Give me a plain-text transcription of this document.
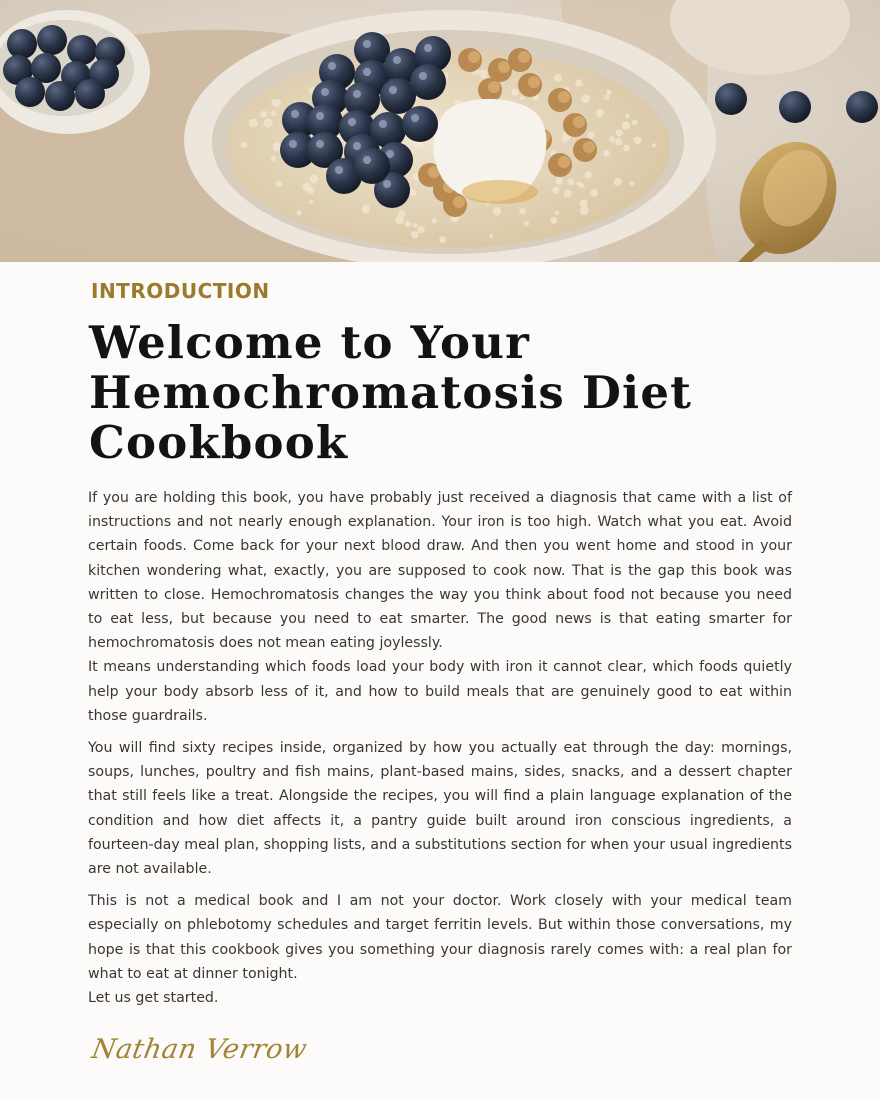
INTRODUCTION
Welcome to Your
Hemochromatosis Diet
Cookbook

If you are holding this book, you have probably just received a diagnosis that came with a list of instructions and not nearly enough explanation. Your iron is too high. Watch what you eat. Avoid certain foods. Come back for your next blood draw. And then you went home and stood in your kitchen wondering what, exactly, you are supposed to cook now. That is the gap this book was written to close. Hemochromatosis changes the way you think about food not because you need to eat less, but because you need to eat smarter. The good news is that eating smarter for hemochromatosis does not mean eating joylessly.

It means understanding which foods load your body with iron it cannot clear, which foods quietly help your body absorb less of it, and how to build meals that are genuinely good to eat within those guardrails.

You will find sixty recipes inside, organized by how you actually eat through the day: mornings, soups, lunches, poultry and fish mains, plant-based mains, sides, snacks, and a dessert chapter that still feels like a treat. Alongside the recipes, you will find a plain language explanation of the condition and how diet affects it, a pantry guide built around iron conscious ingredients, a fourteen-day meal plan, shopping lists, and a substitutions section for when your usual ingredients are not available.

This is not a medical book and I am not your doctor. Work closely with your medical team especially on phlebotomy schedules and target ferritin levels. But within those conversations, my hope is that this cookbook gives you something your diagnosis rarely comes with: a real plan for what to eat at dinner tonight.

Let us get started.

Nathan Verrow
